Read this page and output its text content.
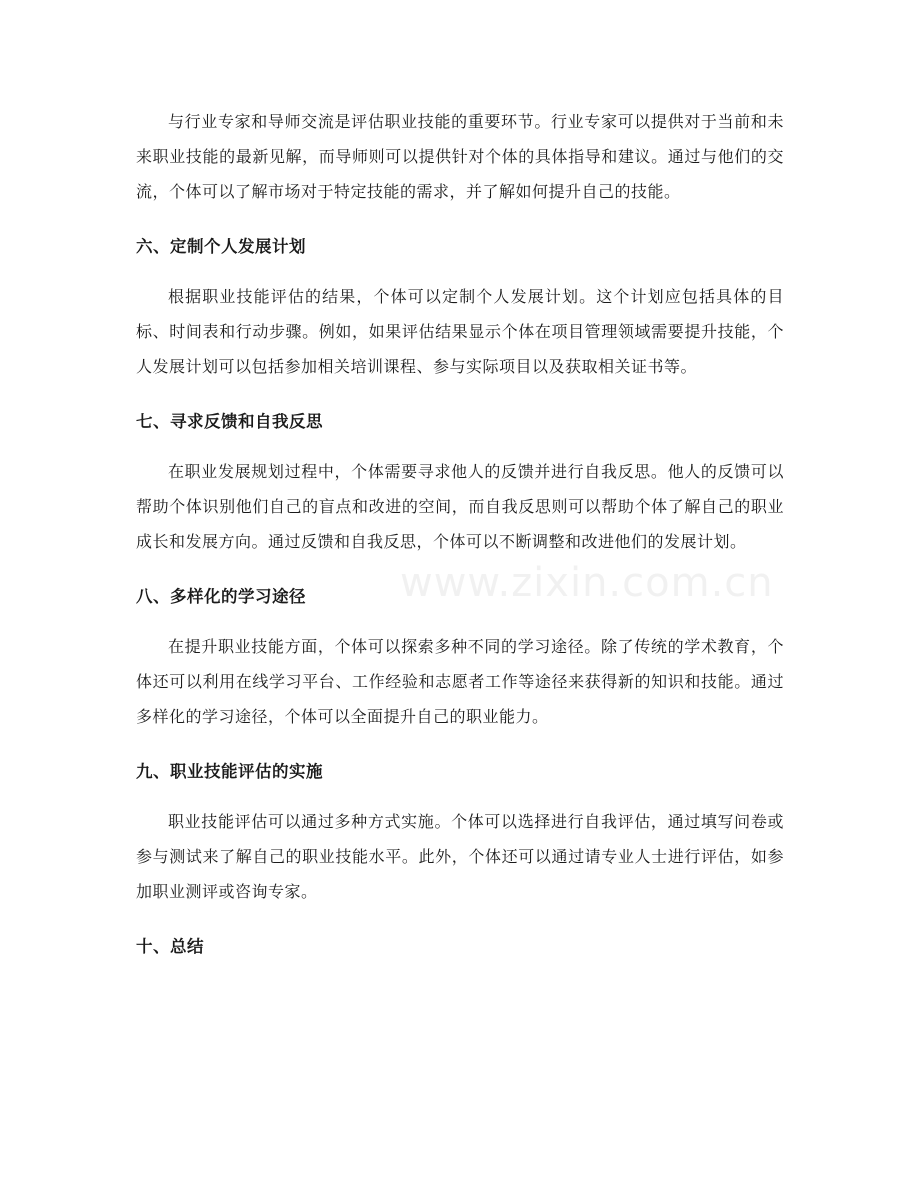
与行业专家和导师交流是评估职业技能的重要环节。行业专家可以提供对于当前和未来职业技能的最新见解，而导师则可以提供针对个体的具体指导和建议。通过与他们的交流，个体可以了解市场对于特定技能的需求，并了解如何提升自己的技能。

六、定制个人发展计划

根据职业技能评估的结果，个体可以定制个人发展计划。这个计划应包括具体的目标、时间表和行动步骤。例如，如果评估结果显示个体在项目管理领域需要提升技能，个人发展计划可以包括参加相关培训课程、参与实际项目以及获取相关证书等。

七、寻求反馈和自我反思

在职业发展规划过程中，个体需要寻求他人的反馈并进行自我反思。他人的反馈可以帮助个体识别他们自己的盲点和改进的空间，而自我反思则可以帮助个体了解自己的职业成长和发展方向。通过反馈和自我反思，个体可以不断调整和改进他们的发展计划。

八、多样化的学习途径

在提升职业技能方面，个体可以探索多种不同的学习途径。除了传统的学术教育，个体还可以利用在线学习平台、工作经验和志愿者工作等途径来获得新的知识和技能。通过多样化的学习途径，个体可以全面提升自己的职业能力。

九、职业技能评估的实施

职业技能评估可以通过多种方式实施。个体可以选择进行自我评估，通过填写问卷或参与测试来了解自己的职业技能水平。此外，个体还可以通过请专业人士进行评估，如参加职业测评或咨询专家。

十、总结
www.zixin.com.cn
